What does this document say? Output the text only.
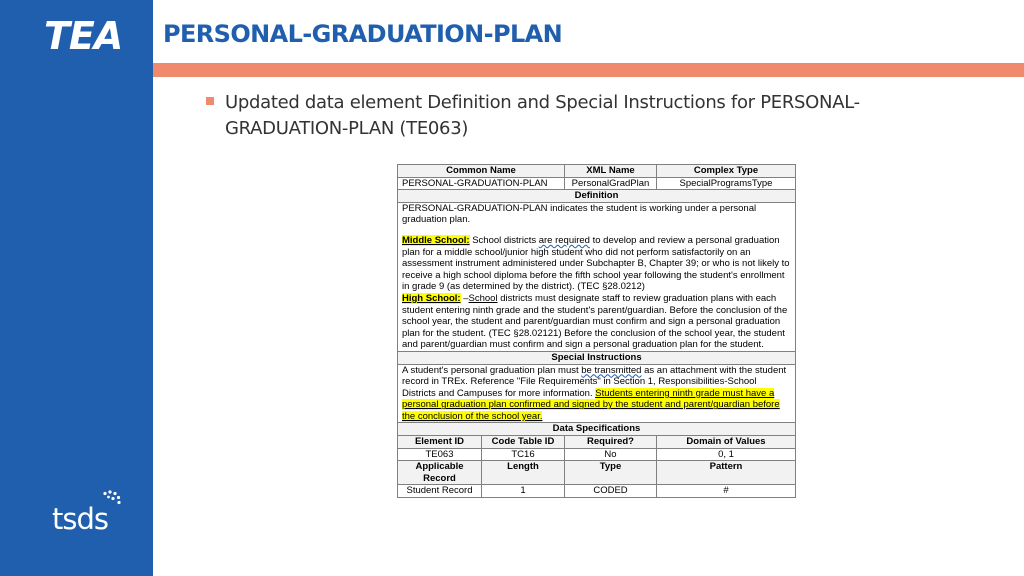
TEA
tsds
PERSONAL-GRADUATION-PLAN
Updated data element Definition and Special Instructions for PERSONAL-GRADUATION-PLAN (TE063)
Common Name		XML Name	Complex Type
PERSONAL-GRADUATION-PLAN		PersonalGradPlan	SpecialProgramsType
Definition			

PERSONAL-GRADUATION-PLAN indicates the student is working under a personal graduation plan.
Middle School: School districts are required to develop and review a personal graduation plan for a middle school/junior high student who did not perform satisfactorily on an assessment instrument administered under Subchapter B, Chapter 39; or who is not likely to receive a high school diploma before the fifth school year following the student's enrollment in grade 9 (as determined by the district). (TEC §28.0212)
High School: –School districts must designate staff to review graduation plans with each student entering ninth grade and the student's parent/guardian. Before the conclusion of the school year, the student and parent/guardian must confirm and sign a personal graduation plan for the student. (TEC §28.02121) Before the conclusion of the school year, the student and parent/guardian must confirm and sign a personal graduation plan for the student.			

Special Instructions			
A student's personal graduation plan must be transmitted as an attachment with the student record in TREx. Reference "File Requirements" in Section 1, Responsibilities-School Districts and Campuses for more information. Students entering ninth grade must have a personal graduation plan confirmed and signed by the student and parent/guardian before the conclusion of the school year.			
Data Specifications			
Element ID	Code Table ID	Required?	Domain of Values
TE063	TC16	No	0, 1
Applicable Record	Length	Type	Pattern
Student Record	1	CODED	#
